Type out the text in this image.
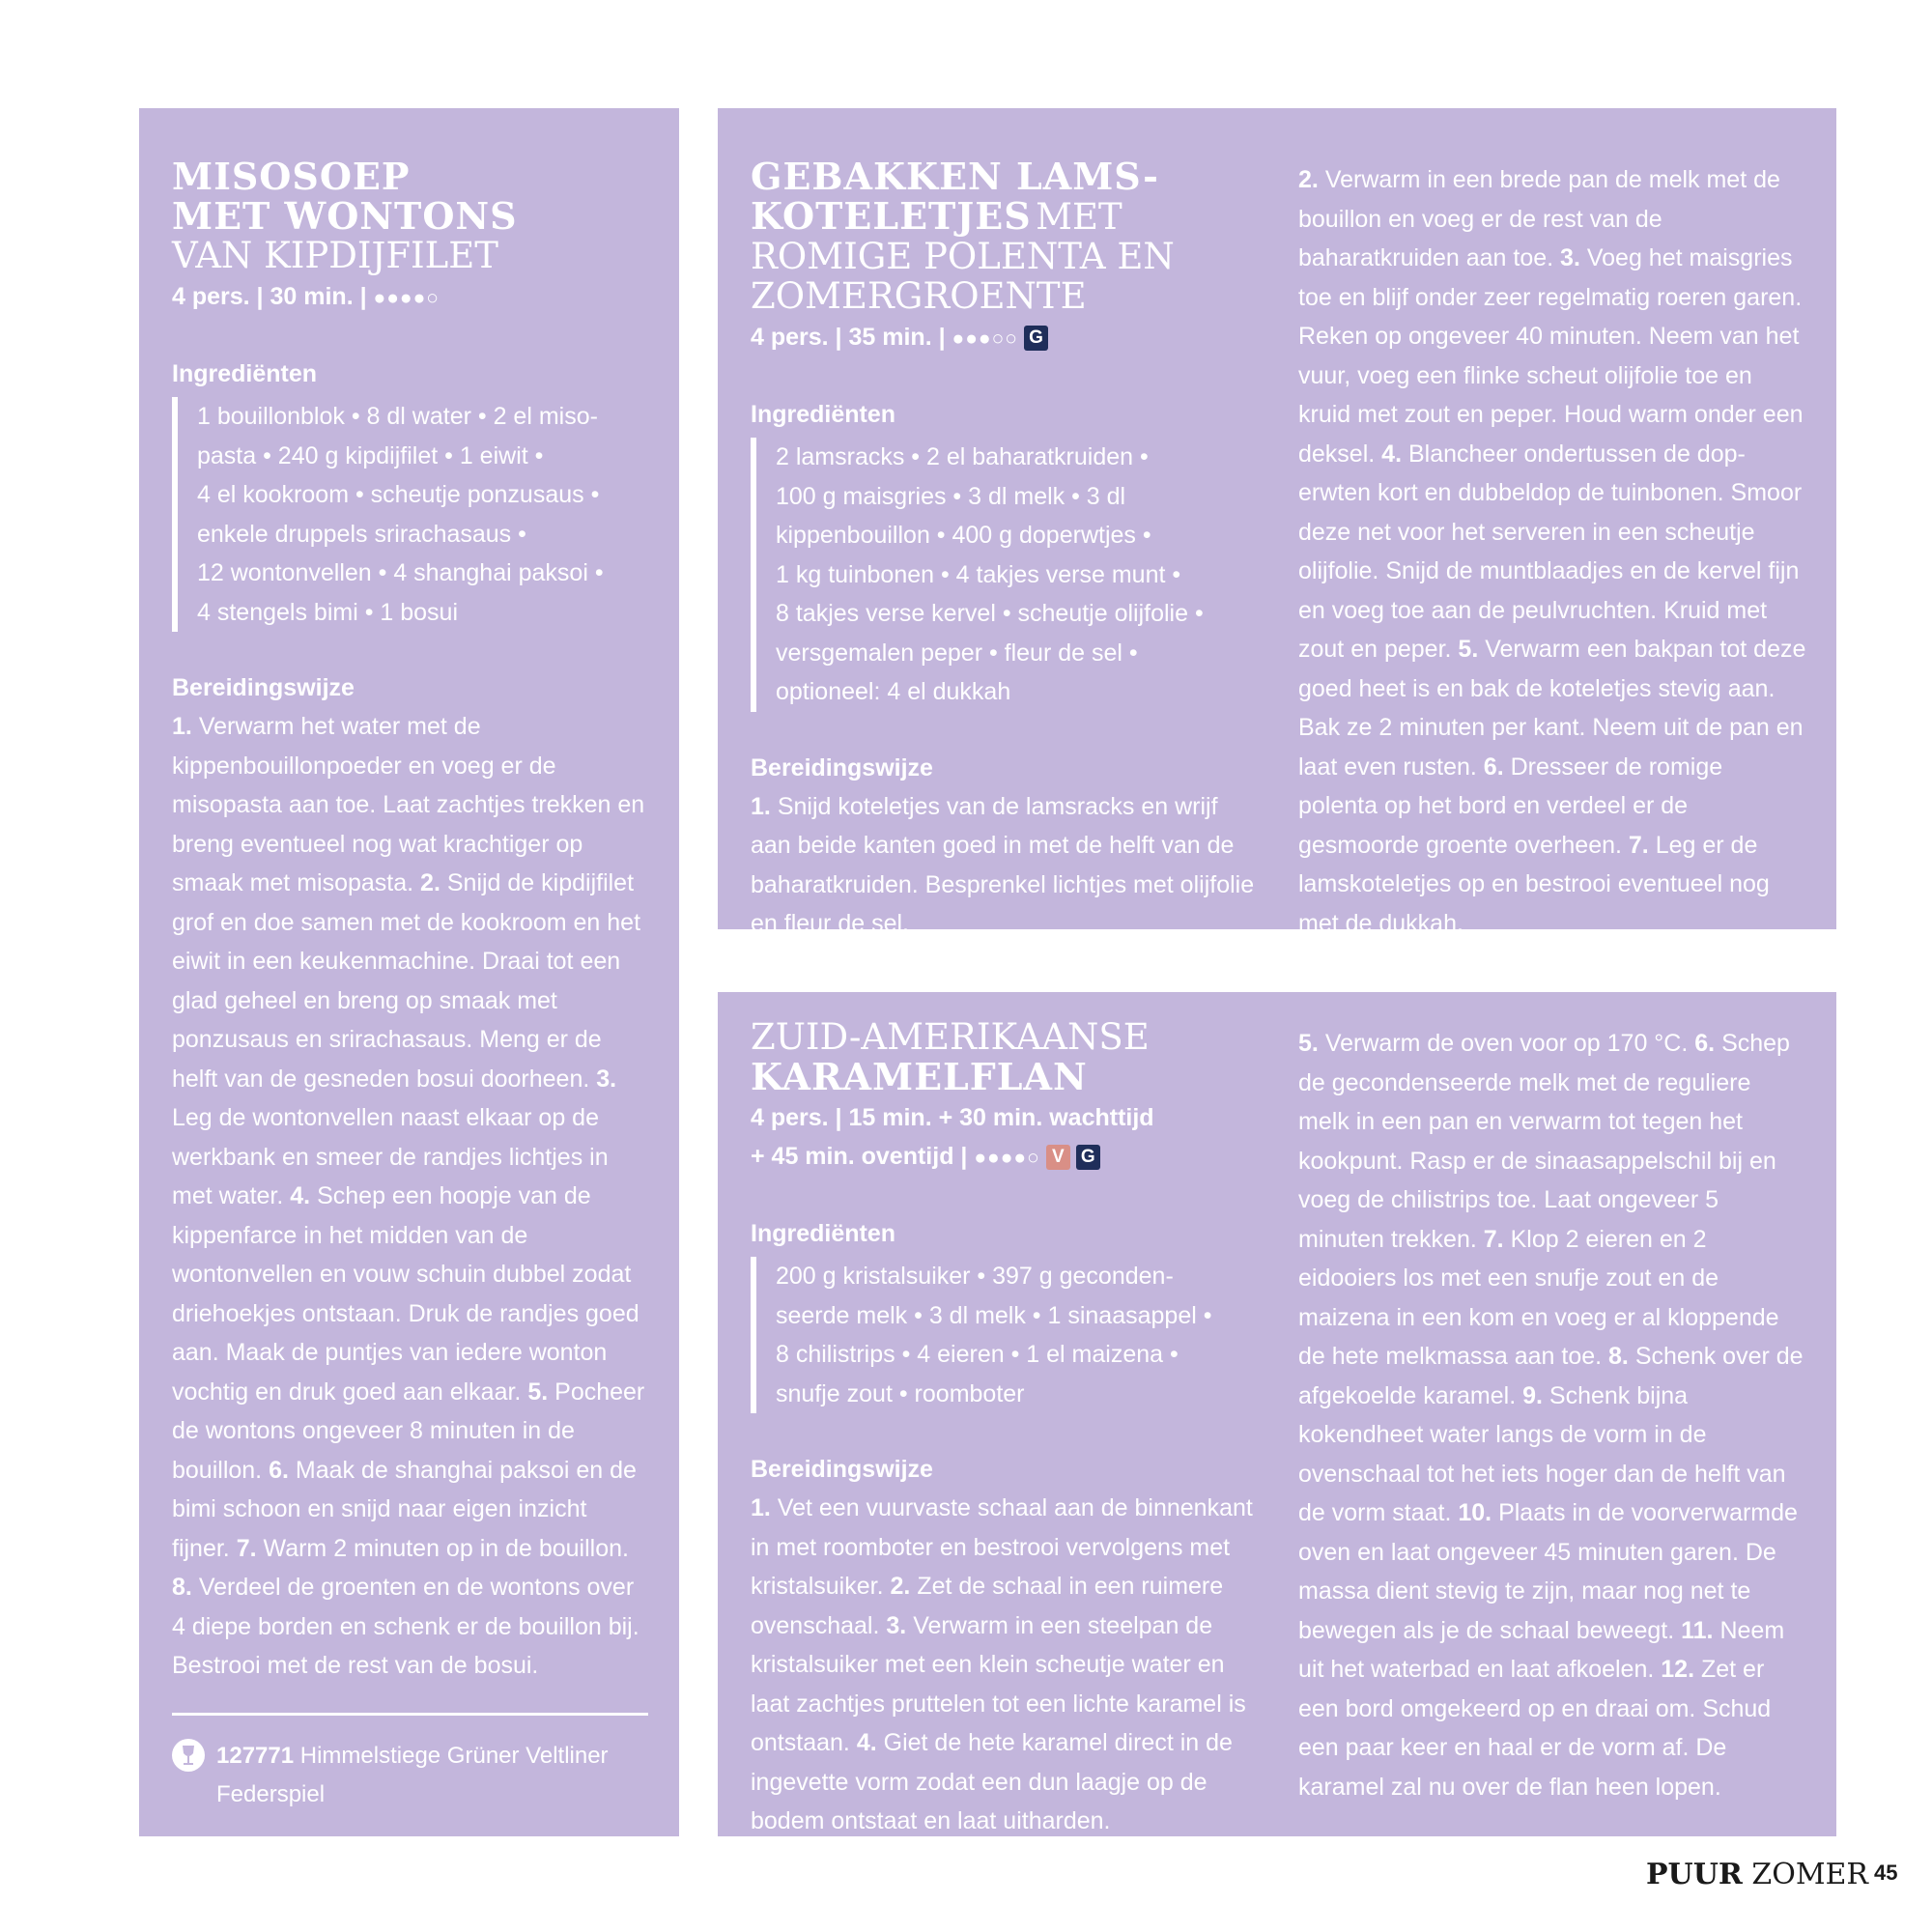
MISOSOEP
MET WONTONS
VAN KIPDIJFILET
4 pers. | 30 min. | ●●●●○
Ingrediënten
1 bouillonblok • 8 dl water • 2 el miso-
pasta • 240 g kipdijfilet • 1 eiwit •
4 el kookroom • scheutje ponzusaus •
enkele druppels srirachasaus •
12 wontonvellen • 4 shanghai paksoi •
4 stengels bimi • 1 bosui
Bereidingswijze
1. Verwarm het water met de kippenbouillonpoeder en voeg er de misopasta aan toe. Laat zachtjes trekken en breng eventueel nog wat krachtiger op smaak met misopasta. 2. Snijd de kipdijfilet grof en doe samen met de kookroom en het eiwit in een keukenmachine. Draai tot een glad geheel en breng op smaak met ponzusaus en srirachasaus. Meng er de helft van de gesneden bosui doorheen. 3. Leg de wontonvellen naast elkaar op de werkbank en smeer de randjes lichtjes in met water. 4. Schep een hoopje van de kippenfarce in het midden van de wontonvellen en vouw schuin dubbel zodat driehoekjes ontstaan. Druk de randjes goed aan. Maak de puntjes van iedere wonton vochtig en druk goed aan elkaar. 5. Pocheer de wontons ongeveer 8 minuten in de bouillon. 6. Maak de shanghai paksoi en de bimi schoon en snijd naar eigen inzicht fijner. 7. Warm 2 minuten op in de bouillon. 8. Verdeel de groenten en de wontons over 4 diepe borden en schenk er de bouillon bij. Bestrooi met de rest van de bosui.
127771 Himmelstiege Grüner Veltliner Federspiel
GEBAKKEN LAMS-
KOTELETJES MET
ROMIGE POLENTA EN
ZOMERGROENTE
4 pers. | 35 min. | ●●●○○ G
Ingrediënten
2 lamsracks • 2 el baharatkruiden •
100 g maisgries • 3 dl melk • 3 dl
kippenbouillon • 400 g doperwtjes •
1 kg tuinbonen • 4 takjes verse munt •
8 takjes verse kervel • scheutje olijfolie •
versgemalen peper • fleur de sel •
optioneel: 4 el dukkah
Bereidingswijze
1. Snijd koteletjes van de lamsracks en wrijf aan beide kanten goed in met de helft van de baharatkruiden. Besprenkel lichtjes met olijfolie en fleur de sel.
2. Verwarm in een brede pan de melk met de bouillon en voeg er de rest van de baharatkruiden aan toe. 3. Voeg het maisgries toe en blijf onder zeer regelmatig roeren garen. Reken op ongeveer 40 minuten. Neem van het vuur, voeg een flinke scheut olijfolie toe en kruid met zout en peper. Houd warm onder een deksel. 4. Blancheer ondertussen de doperwten kort en dubbeldop de tuinbonen. Smoor deze net voor het serveren in een scheutje olijfolie. Snijd de muntblaadjes en de kervel fijn en voeg toe aan de peulvruchten. Kruid met zout en peper. 5. Verwarm een bakpan tot deze goed heet is en bak de koteletjes stevig aan. Bak ze 2 minuten per kant. Neem uit de pan en laat even rusten. 6. Dresseer de romige polenta op het bord en verdeel er de gesmoorde groente overheen. 7. Leg er de lamskoteletjes op en bestrooi eventueel nog met de dukkah.
ZUID-AMERIKAANSE
KARAMELFLAN
4 pers. | 15 min. + 30 min. wachttijd
+ 45 min. oventijd | ●●●●○ V G
Ingrediënten
200 g kristalsuiker • 397 g geconden-
seerde melk • 3 dl melk • 1 sinaasappel •
8 chilistrips • 4 eieren • 1 el maizena •
snufje zout • roomboter
Bereidingswijze
1. Vet een vuurvaste schaal aan de binnenkant in met roomboter en bestrooi vervolgens met kristalsuiker. 2. Zet de schaal in een ruimere ovenschaal. 3. Verwarm in een steelpan de kristalsuiker met een klein scheutje water en laat zachtjes pruttelen tot een lichte karamel is ontstaan. 4. Giet de hete karamel direct in de ingevette vorm zodat een dun laagje op de bodem ontstaat en laat uitharden.
5. Verwarm de oven voor op 170 °C. 6. Schep de gecondenseerde melk met de reguliere melk in een pan en verwarm tot tegen het kookpunt. Rasp er de sinaasappelschil bij en voeg de chilistrips toe. Laat ongeveer 5 minuten trekken. 7. Klop 2 eieren en 2 eidooiers los met een snufje zout en de maizena in een kom en voeg er al kloppende de hete melkmassa aan toe. 8. Schenk over de afgekoelde karamel. 9. Schenk bijna kokendheet water langs de vorm in de ovenschaal tot het iets hoger dan de helft van de vorm staat. 10. Plaats in de voorverwarmde oven en laat ongeveer 45 minuten garen. De massa dient stevig te zijn, maar nog net te bewegen als je de schaal beweegt. 11. Neem uit het waterbad en laat afkoelen. 12. Zet er een bord omgekeerd op en draai om. Schud een paar keer en haal er de vorm af. De karamel zal nu over de flan heen lopen.
PUUR ZOMER 45
